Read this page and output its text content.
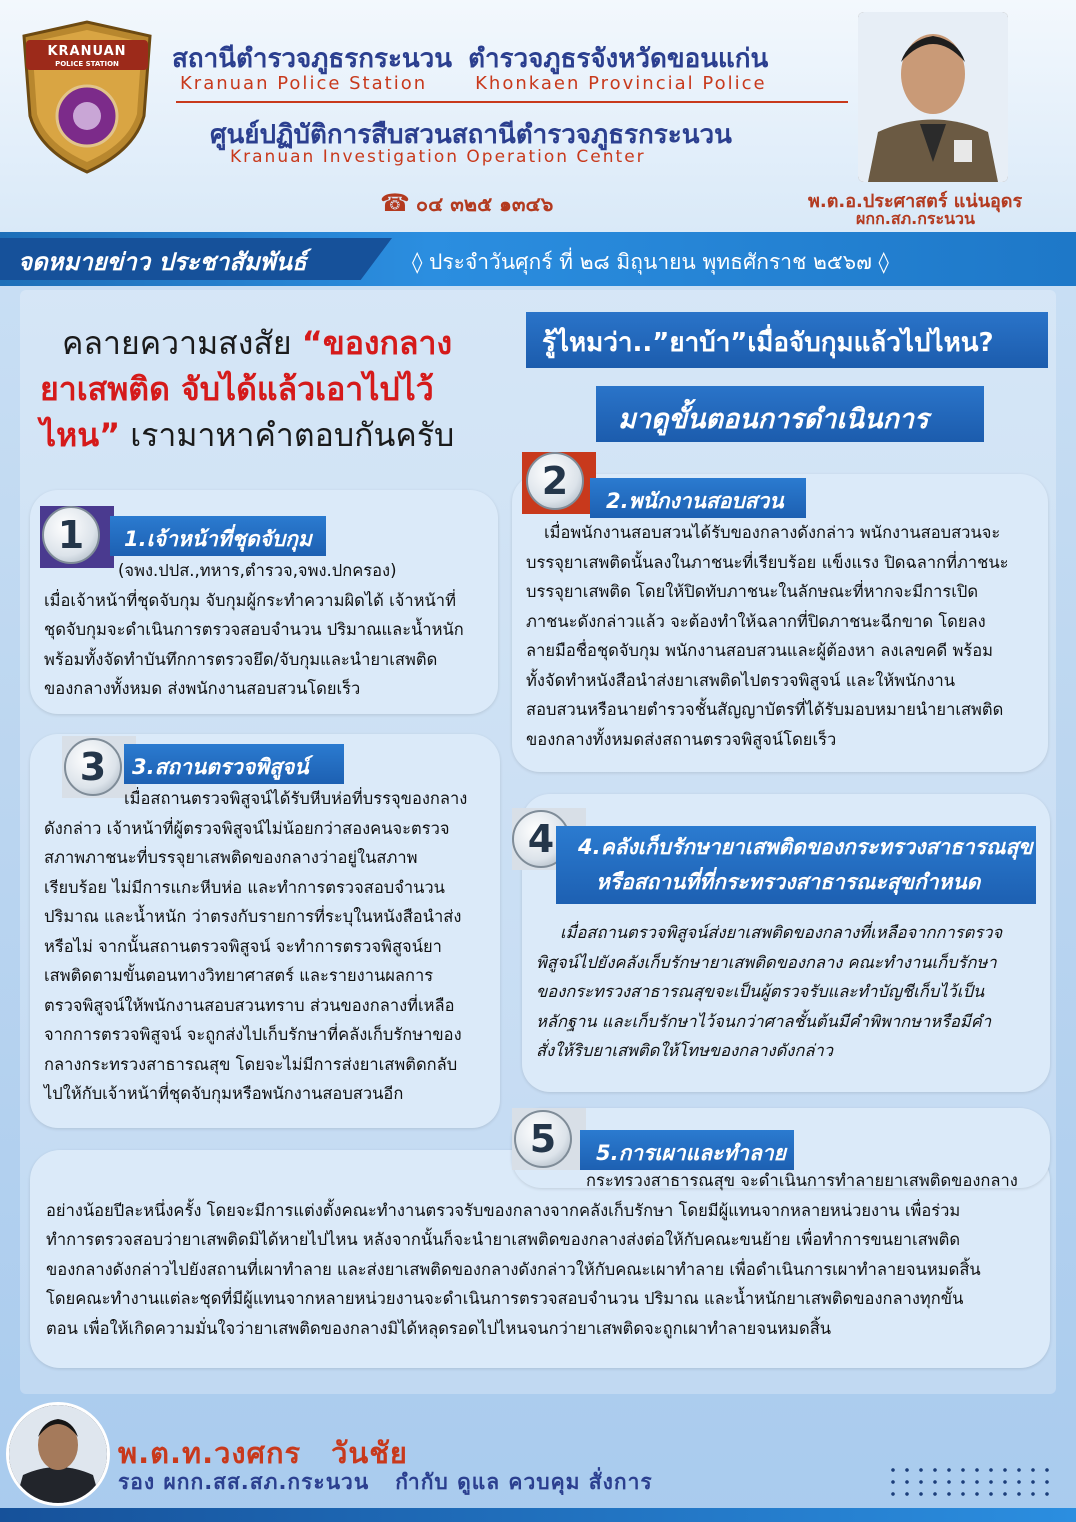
KRANUAN
POLICE STATION	สถานีตำรวจภูธรกระนวน ตำรวจภูธรจังหวัดขอนแก่น
Kranuan Police Station	Khonkaen Provincial Police
ศูนย์ปฏิบัติการสืบสวนสถานีตำรวจภูธรกระนวน
Kranuan Investigation Operation Center
☎ ๐๔ ๓๒๕ ๑๓๔๖	พ.ต.อ.ประศาสตร์ แน่นอุดร
ผกก.สภ.กระนวน
จดหมายข่าว ประชาสัมพันธ์	◊ ประจำวันศุกร์ ที่ ๒๘ มิถุนายน พุทธศักราช ๒๕๖๗ ◊
คลายความสงสัย “ของกลาง
ยาเสพติด จับได้แล้วเอาไปไว้
ไหน” เรามาหาคำตอบกันครับ
รู้ไหมว่า..”ยาบ้า”เมื่อจับกุมแล้วไปไหน?
มาดูขั้นตอนการดำเนินการ
1	1.เจ้าหน้าที่ชุดจับกุม

(จพง.ปปส.,ทหาร,ตำรวจ,จพง.ปกครอง)

เมื่อเจ้าหน้าที่ชุดจับกุม จับกุมผู้กระทำความผิดได้ เจ้าหน้าที่

ชุดจับกุมจะดำเนินการตรวจสอบจำนวน ปริมาณและน้ำหนัก

พร้อมทั้งจัดทำบันทึกการตรวจยึด/จับกุมและนำยาเสพติด

ของกลางทั้งหมด ส่งพนักงานสอบสวนโดยเร็ว

2	2.พนักงานสอบสวน

เมื่อพนักงานสอบสวนได้รับของกลางดังกล่าว พนักงานสอบสวนจะ

บรรจุยาเสพติดนั้นลงในภาชนะที่เรียบร้อย แข็งแรง ปิดฉลากที่ภาชนะ

บรรจุยาเสพติด โดยให้ปิดทับภาชนะในลักษณะที่หากจะมีการเปิด

ภาชนะดังกล่าวแล้ว จะต้องทำให้ฉลากที่ปิดภาชนะฉีกขาด โดยลง

ลายมือชื่อชุดจับกุม พนักงานสอบสวนและผู้ต้องหา ลงเลขคดี พร้อม

ทั้งจัดทำหนังสือนำส่งยาเสพติดไปตรวจพิสูจน์ และให้พนักงาน

สอบสวนหรือนายตำรวจชั้นสัญญาบัตรที่ได้รับมอบหมายนำยาเสพติด

ของกลางทั้งหมดส่งสถานตรวจพิสูจน์โดยเร็ว

3	3.สถานตรวจพิสูจน์

เมื่อสถานตรวจพิสูจน์ได้รับหีบห่อที่บรรจุของกลาง

ดังกล่าว เจ้าหน้าที่ผู้ตรวจพิสูจน์ไม่น้อยกว่าสองคนจะตรวจ

สภาพภาชนะที่บรรจุยาเสพติดของกลางว่าอยู่ในสภาพ

เรียบร้อย ไม่มีการแกะหีบห่อ และทำการตรวจสอบจำนวน

ปริมาณ และน้ำหนัก ว่าตรงกับรายการที่ระบุในหนังสือนำส่ง

หรือไม่ จากนั้นสถานตรวจพิสูจน์ จะทำการตรวจพิสูจน์ยา

เสพติดตามขั้นตอนทางวิทยาศาสตร์ และรายงานผลการ

ตรวจพิสูจน์ให้พนักงานสอบสวนทราบ ส่วนของกลางที่เหลือ

จากการตรวจพิสูจน์ จะถูกส่งไปเก็บรักษาที่คลังเก็บรักษาของ

กลางกระทรวงสาธารณสุข โดยจะไม่มีการส่งยาเสพติดกลับ

ไปให้กับเจ้าหน้าที่ชุดจับกุมหรือพนักงานสอบสวนอีก

4	4.คลังเก็บรักษายาเสพติดของกระทรวงสาธารณสุข
หรือสถานที่ที่กระทรวงสาธารณะสุขกำหนด

เมื่อสถานตรวจพิสูจน์ส่งยาเสพติดของกลางที่เหลือจากการตรวจ

พิสูจน์ไปยังคลังเก็บรักษายาเสพติดของกลาง คณะทำงานเก็บรักษา

ของกระทรวงสาธารณสุขจะเป็นผู้ตรวจรับและทำบัญชีเก็บไว้เป็น

หลักฐาน และเก็บรักษาไว้จนกว่าศาลชั้นต้นมีคำพิพากษาหรือมีคำ

สั่งให้ริบยาเสพติดให้โทษของกลางดังกล่าว

5	5.การเผาและทำลาย

กระทรวงสาธารณสุข จะดำเนินการทำลายยาเสพติดของกลาง

อย่างน้อยปีละหนึ่งครั้ง โดยจะมีการแต่งตั้งคณะทำงานตรวจรับของกลางจากคลังเก็บรักษา โดยมีผู้แทนจากหลายหน่วยงาน เพื่อร่วม

ทำการตรวจสอบว่ายาเสพติดมิได้หายไปไหน หลังจากนั้นก็จะนำยาเสพติดของกลางส่งต่อให้กับคณะขนย้าย เพื่อทำการขนยาเสพติด

ของกลางดังกล่าวไปยังสถานที่เผาทำลาย และส่งยาเสพติดของกลางดังกล่าวให้กับคณะเผาทำลาย เพื่อดำเนินการเผาทำลายจนหมดสิ้น

โดยคณะทำงานแต่ละชุดที่มีผู้แทนจากหลายหน่วยงานจะดำเนินการตรวจสอบจำนวน ปริมาณ และน้ำหนักยาเสพติดของกลางทุกขั้น

ตอน เพื่อให้เกิดความมั่นใจว่ายาเสพติดของกลางมิได้หลุดรอดไปไหนจนกว่ายาเสพติดจะถูกเผาทำลายจนหมดสิ้น

พ.ต.ท.วงศกร วันชัย
รอง ผกก.สส.สภ.กระนวน กำกับ ดูแล ควบคุม สั่งการ
